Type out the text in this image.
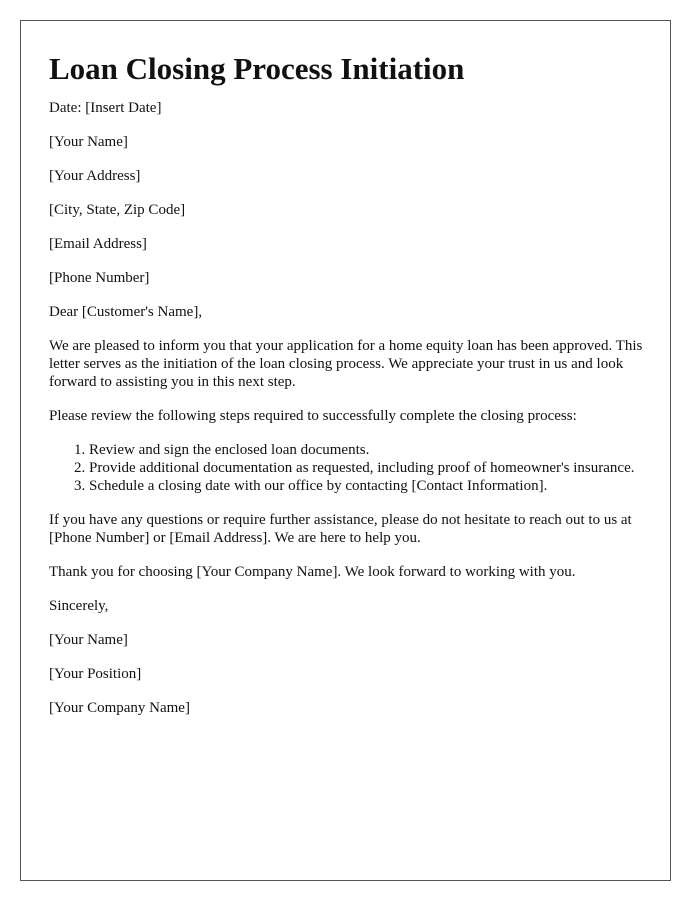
Loan Closing Process Initiation

Date: [Insert Date]

[Your Name]

[Your Address]

[City, State, Zip Code]

[Email Address]

[Phone Number]

Dear [Customer's Name],

We are pleased to inform you that your application for a home equity loan has been approved. This letter serves as the initiation of the loan closing process. We appreciate your trust in us and look forward to assisting you in this next step.

Please review the following steps required to successfully complete the closing process:

1. Review and sign the enclosed loan documents.
2. Provide additional documentation as requested, including proof of homeowner's insurance.
3. Schedule a closing date with our office by contacting [Contact Information].

If you have any questions or require further assistance, please do not hesitate to reach out to us at [Phone Number] or [Email Address]. We are here to help you.

Thank you for choosing [Your Company Name]. We look forward to working with you.

Sincerely,

[Your Name]

[Your Position]

[Your Company Name]
